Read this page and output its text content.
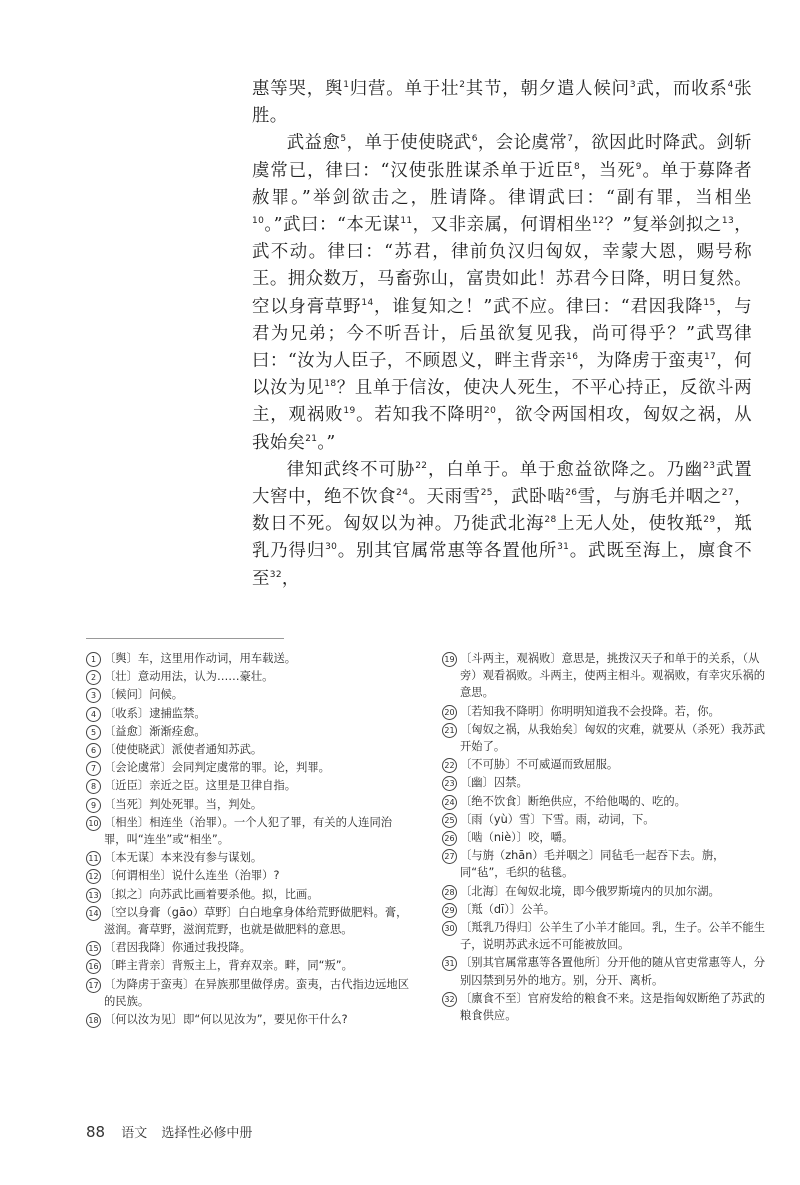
惠等哭，舆$^1$归营。单于壮$^2$其节，朝夕遣人候问$^3$武，而收系$^4$张胜。

武益愈$^5$，单于使使晓武$^6$，会论虞常$^7$，欲因此时降武。剑斩虞常已，律曰：“汉使张胜谋杀单于近臣$^8$，当死$^9$。单于募降者赦罪。”举剑欲击之，胜请降。律谓武曰：“副有罪，当相坐$^{10}$。”武曰：“本无谋$^{11}$，又非亲属，何谓相坐$^{12}$？”复举剑拟之$^{13}$，武不动。律曰：“苏君，律前负汉归匈奴，幸蒙大恩，赐号称王。拥众数万，马畜弥山，富贵如此！苏君今日降，明日复然。空以身膏草野$^{14}$，谁复知之！”武不应。律曰：“君因我降$^{15}$，与君为兄弟；今不听吾计，后虽欲复见我，尚可得乎？”武骂律曰：“汝为人臣子，不顾恩义，畔主背亲$^{16}$，为降虏于蛮夷$^{17}$，何以汝为见$^{18}$？且单于信汝，使决人死生，不平心持正，反欲斗两主，观祸败$^{19}$。若知我不降明$^{20}$，欲令两国相攻，匈奴之祸，从我始矣$^{21}$。”

律知武终不可胁$^{22}$，白单于。单于愈益欲降之。乃幽$^{23}$武置大窖中，绝不饮食$^{24}$。天雨雪$^{25}$，武卧啮$^{26}$雪，与旃毛并咽之$^{27}$，数日不死。匈奴以为神。乃徙武北海$^{28}$上无人处，使牧羝$^{29}$，羝乳乃得归$^{30}$。别其官属常惠等各置他所$^{31}$。武既至海上，廪食不至$^{32}$，

1 〔舆〕车，这里用作动词，用车载送。
2 〔壮〕意动用法，认为……豪壮。
3 〔候问〕问候。
4 〔收系〕逮捕监禁。
5 〔益愈〕渐渐痊愈。
6 〔使使晓武〕派使者通知苏武。
7 〔会论虞常〕会同判定虞常的罪。论，判罪。
8 〔近臣〕亲近之臣。这里是卫律自指。
9 〔当死〕判处死罪。当，判处。
10 〔相坐〕相连坐（治罪）。一个人犯了罪，有关的人连同治罪，叫“连坐”或“相坐”。
11 〔本无谋〕本来没有参与谋划。
12 〔何谓相坐〕说什么连坐（治罪）?
13 〔拟之〕向苏武比画着要杀他。拟，比画。
14 〔空以身膏（gāo）草野〕白白地拿身体给荒野做肥料。膏，滋润。膏草野，滋润荒野，也就是做肥料的意思。
15 〔君因我降〕你通过我投降。
16 〔畔主背亲〕背叛主上，背弃双亲。畔，同“叛”。
17 〔为降虏于蛮夷〕在异族那里做俘虏。蛮夷，古代指边远地区的民族。
18 〔何以汝为见〕即“何以见汝为”，要见你干什么?
19 〔斗两主，观祸败〕意思是，挑拨汉天子和单于的关系，（从旁）观看祸败。斗两主，使两主相斗。观祸败，有幸灾乐祸的意思。
20 〔若知我不降明〕你明明知道我不会投降。若，你。
21 〔匈奴之祸，从我始矣〕匈奴的灾难，就要从（杀死）我苏武开始了。
22 〔不可胁〕不可威逼而致屈服。
23 〔幽〕囚禁。
24 〔绝不饮食〕断绝供应，不给他喝的、吃的。
25 〔雨（yù）雪〕下雪。雨，动词，下。
26 〔啮（niè）〕咬，嚼。
27 〔与旃（zhān）毛并咽之〕同毡毛一起吞下去。旃，同“毡”，毛织的毡毯。
28 〔北海〕在匈奴北境，即今俄罗斯境内的贝加尔湖。
29 〔羝（dī）〕公羊。
30 〔羝乳乃得归〕公羊生了小羊才能回。乳，生子。公羊不能生子，说明苏武永远不可能被放回。
31 〔别其官属常惠等各置他所〕分开他的随从官吏常惠等人，分别囚禁到另外的地方。别，分开、离析。
32 〔廪食不至〕官府发给的粮食不来。这是指匈奴断绝了苏武的粮食供应。
88 语文 选择性必修中册
